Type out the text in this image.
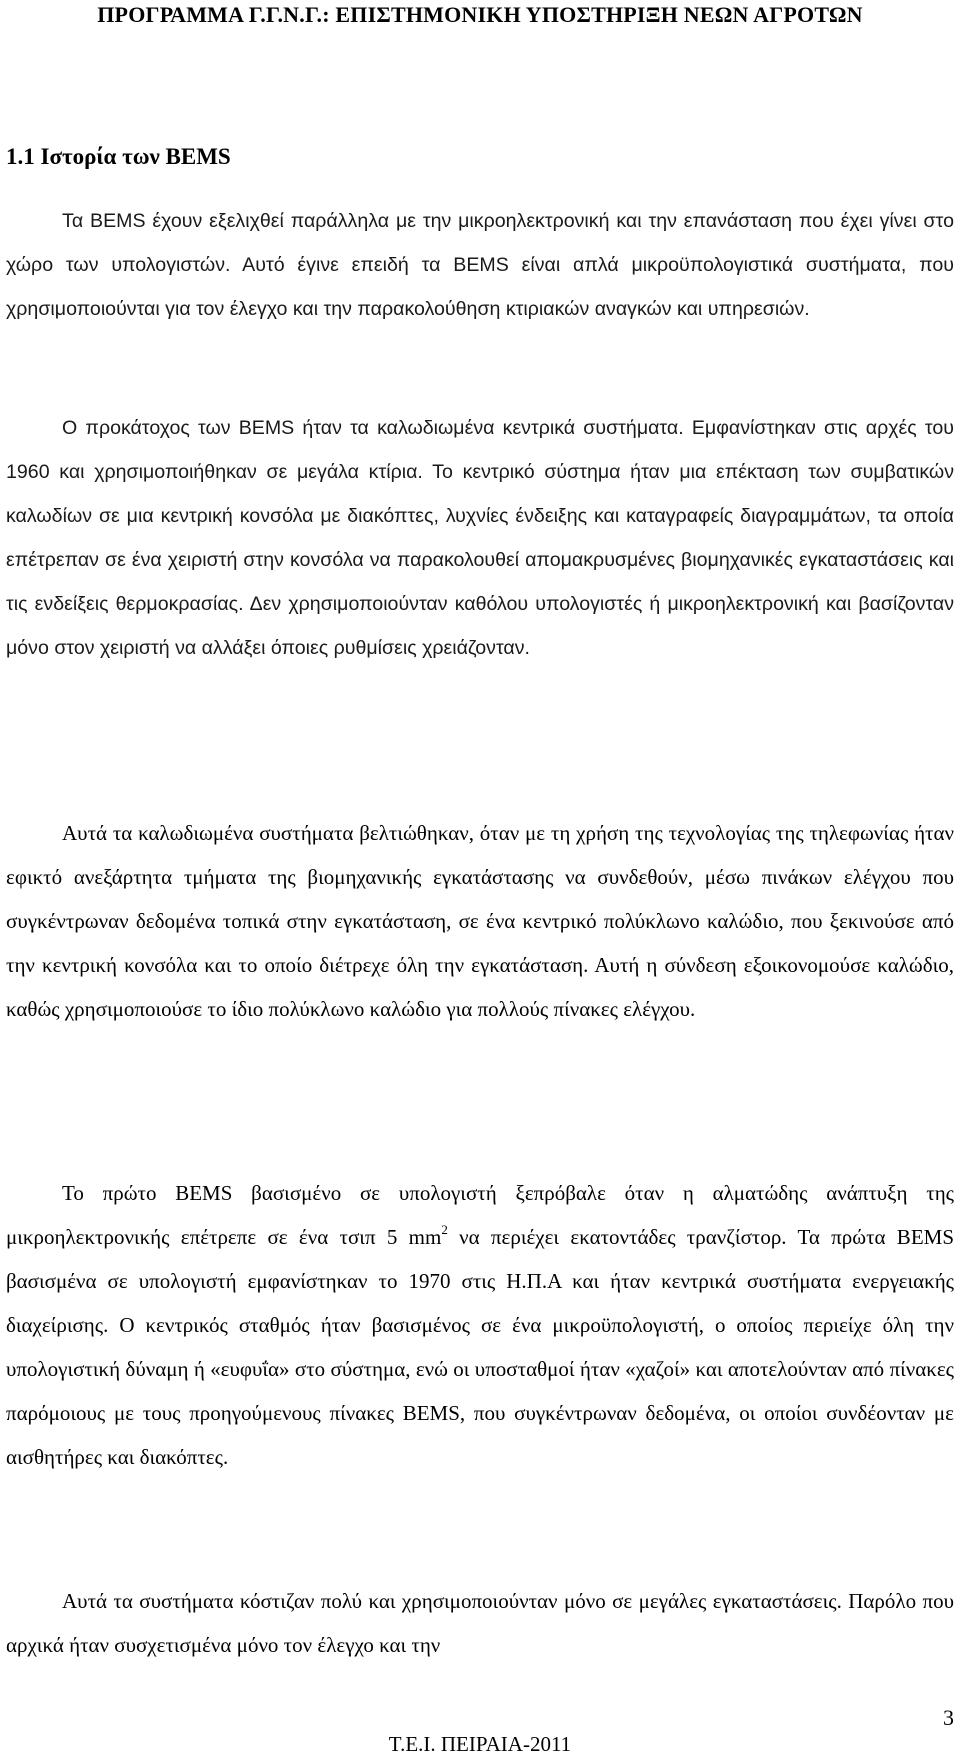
ΠΡΟΓΡΑΜΜΑ Γ.Γ.Ν.Γ.: ΕΠΙΣΤΗΜΟΝΙΚΗ ΥΠΟΣΤΗΡΙΞΗ ΝΕΩΝ ΑΓΡΟΤΩΝ
1.1 Ιστορία των BEMS

Τα BEMS έχουν εξελιχθεί παράλληλα με την μικροηλεκτρονική και την επανάσταση που έχει γίνει στο χώρο των υπολογιστών. Αυτό έγινε επειδή τα BEMS είναι απλά μικροϋπολογιστικά συστήματα, που χρησιμοποιούνται για τον έλεγχο και την παρακολούθηση κτιριακών αναγκών και υπηρεσιών.

Ο προκάτοχος των BEMS ήταν τα καλωδιωμένα κεντρικά συστήματα. Εμφανίστηκαν στις αρχές του 1960 και χρησιμοποιήθηκαν σε μεγάλα κτίρια. Το κεντρικό σύστημα ήταν μια επέκταση των συμβατικών καλωδίων σε μια κεντρική κονσόλα με διακόπτες, λυχνίες ένδειξης και καταγραφείς διαγραμμάτων, τα οποία επέτρεπαν σε ένα χειριστή στην κονσόλα να παρακολουθεί απομακρυσμένες βιομηχανικές εγκαταστάσεις και τις ενδείξεις θερμοκρασίας. Δεν χρησιμοποιούνταν καθόλου υπολογιστές ή μικροηλεκτρονική και βασίζονταν μόνο στον χειριστή να αλλάξει όποιες ρυθμίσεις χρειάζονταν.

Αυτά τα καλωδιωμένα συστήματα βελτιώθηκαν, όταν με τη χρήση της τεχνολογίας της τηλεφωνίας ήταν εφικτό ανεξάρτητα τμήματα της βιομηχανικής εγκατάστασης να συνδεθούν, μέσω πινάκων ελέγχου που συγκέντρωναν δεδομένα τοπικά στην εγκατάσταση, σε ένα κεντρικό πολύκλωνο καλώδιο, που ξεκινούσε από την κεντρική κονσόλα και το οποίο διέτρεχε όλη την εγκατάσταση. Αυτή η σύνδεση εξοικονομούσε καλώδιο, καθώς χρησιμοποιούσε το ίδιο πολύκλωνο καλώδιο για πολλούς πίνακες ελέγχου.

Το πρώτο BEMS βασισμένο σε υπολογιστή ξεπρόβαλε όταν η αλματώδης ανάπτυξη της μικροηλεκτρονικής επέτρεπε σε ένα τσιπ 5 $mm^2$ να περιέχει εκατοντάδες τρανζίστορ. Τα πρώτα BEMS βασισμένα σε υπολογιστή εμφανίστηκαν το 1970 στις Η.Π.Α και ήταν κεντρικά συστήματα ενεργειακής διαχείρισης. Ο κεντρικός σταθμός ήταν βασισμένος σε ένα μικροϋπολογιστή, ο οποίος περιείχε όλη την υπολογιστική δύναμη ή «ευφυΐα» στο σύστημα, ενώ οι υποσταθμοί ήταν «χαζοί» και αποτελούνταν από πίνακες παρόμοιους με τους προηγούμενους πίνακες BEMS, που συγκέντρωναν δεδομένα, οι οποίοι συνδέονταν με αισθητήρες και διακόπτες.

Αυτά τα συστήματα κόστιζαν πολύ και χρησιμοποιούνταν μόνο σε μεγάλες εγκαταστάσεις. Παρόλο που αρχικά ήταν συσχετισμένα μόνο τον έλεγχο και την

3
Τ.Ε.Ι. ΠΕΙΡΑΙΑ-2011
